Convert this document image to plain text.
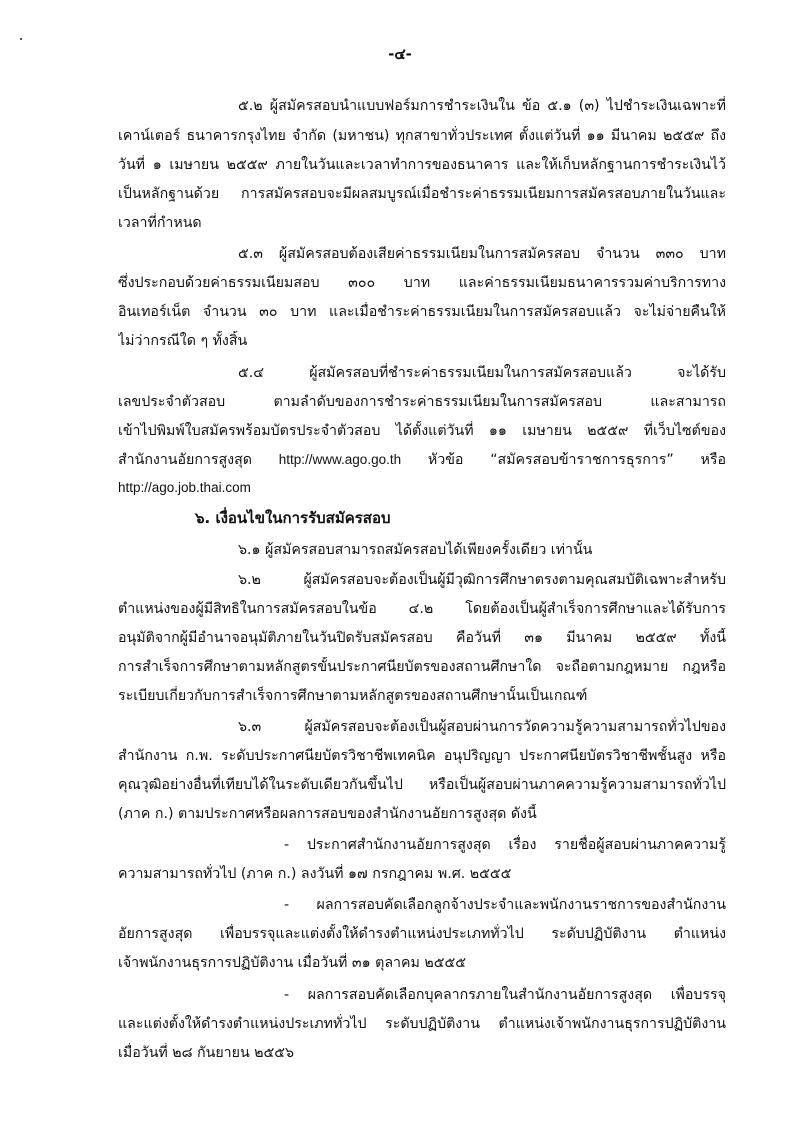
-๔-
๕.๒ ผู้สมัครสอบนำแบบฟอร์มการชำระเงินใน ข้อ ๕.๑ (๓) ไปชำระเงินเฉพาะที่
เคาน์เตอร์ ธนาคารกรุงไทย จำกัด (มหาชน) ทุกสาขาทั่วประเทศ ตั้งแต่วันที่ ๑๑ มีนาคม ๒๕๕๙ ถึง
วันที่ ๑ เมษายน ๒๕๕๙ ภายในวันและเวลาทำการของธนาคาร และให้เก็บหลักฐานการชำระเงินไว้
เป็นหลักฐานด้วย การสมัครสอบจะมีผลสมบูรณ์เมื่อชำระค่าธรรมเนียมการสมัครสอบภายในวันและ
เวลาที่กำหนด
๕.๓ ผู้สมัครสอบต้องเสียค่าธรรมเนียมในการสมัครสอบ จำนวน ๓๓๐ บาท
ซึ่งประกอบด้วยค่าธรรมเนียมสอบ ๓๐๐ บาท และค่าธรรมเนียมธนาคารรวมค่าบริการทาง
อินเทอร์เน็ต จำนวน ๓๐ บาท และเมื่อชำระค่าธรรมเนียมในการสมัครสอบแล้ว จะไม่จ่ายคืนให้
ไม่ว่ากรณีใด ๆ ทั้งสิ้น
๕.๔ ผู้สมัครสอบที่ชำระค่าธรรมเนียมในการสมัครสอบแล้ว จะได้รับ
เลขประจำตัวสอบ ตามลำดับของการชำระค่าธรรมเนียมในการสมัครสอบ และสามารถ
เข้าไปพิมพ์ใบสมัครพร้อมบัตรประจำตัวสอบ ได้ตั้งแต่วันที่ ๑๑ เมษายน ๒๕๕๙ ที่เว็บไซต์ของ
สำนักงานอัยการสูงสุด http://www.ago.go.th หัวข้อ “สมัครสอบข้าราชการธุรการ” หรือ
http://ago.job.thai.com
๖. เงื่อนไขในการรับสมัครสอบ
๖.๑ ผู้สมัครสอบสามารถสมัครสอบได้เพียงครั้งเดียว เท่านั้น
๖.๒ ผู้สมัครสอบจะต้องเป็นผู้มีวุฒิการศึกษาตรงตามคุณสมบัติเฉพาะสำหรับ
ตำแหน่งของผู้มีสิทธิในการสมัครสอบในข้อ ๔.๒ โดยต้องเป็นผู้สำเร็จการศึกษาและได้รับการ
อนุมัติจากผู้มีอำนาจอนุมัติภายในวันปิดรับสมัครสอบ คือวันที่ ๓๑ มีนาคม ๒๕๕๙ ทั้งนี้
การสำเร็จการศึกษาตามหลักสูตรขั้นประกาศนียบัตรของสถานศึกษาใด จะถือตามกฎหมาย กฎหรือ
ระเบียบเกี่ยวกับการสำเร็จการศึกษาตามหลักสูตรของสถานศึกษานั้นเป็นเกณฑ์
๖.๓ ผู้สมัครสอบจะต้องเป็นผู้สอบผ่านการวัดความรู้ความสามารถทั่วไปของ
สำนักงาน ก.พ. ระดับประกาศนียบัตรวิชาชีพเทคนิค อนุปริญญา ประกาศนียบัตรวิชาชีพชั้นสูง หรือ
คุณวุฒิอย่างอื่นที่เทียบได้ในระดับเดียวกันขึ้นไป หรือเป็นผู้สอบผ่านภาคความรู้ความสามารถทั่วไป
(ภาค ก.) ตามประกาศหรือผลการสอบของสำนักงานอัยการสูงสุด ดังนี้
- ประกาศสำนักงานอัยการสูงสุด เรื่อง รายชื่อผู้สอบผ่านภาคความรู้
ความสามารถทั่วไป (ภาค ก.) ลงวันที่ ๑๗ กรกฎาคม พ.ศ. ๒๕๕๕
- ผลการสอบคัดเลือกลูกจ้างประจำและพนักงานราชการของสำนักงาน
อัยการสูงสุด เพื่อบรรจุและแต่งตั้งให้ดำรงตำแหน่งประเภททั่วไป ระดับปฏิบัติงาน ตำแหน่ง
เจ้าพนักงานธุรการปฏิบัติงาน เมื่อวันที่ ๓๑ ตุลาคม ๒๕๕๕
- ผลการสอบคัดเลือกบุคลากรภายในสำนักงานอัยการสูงสุด เพื่อบรรจุ
และแต่งตั้งให้ดำรงตำแหน่งประเภททั่วไป ระดับปฏิบัติงาน ตำแหน่งเจ้าพนักงานธุรการปฏิบัติงาน
เมื่อวันที่ ๒๘ กันยายน ๒๕๕๖
